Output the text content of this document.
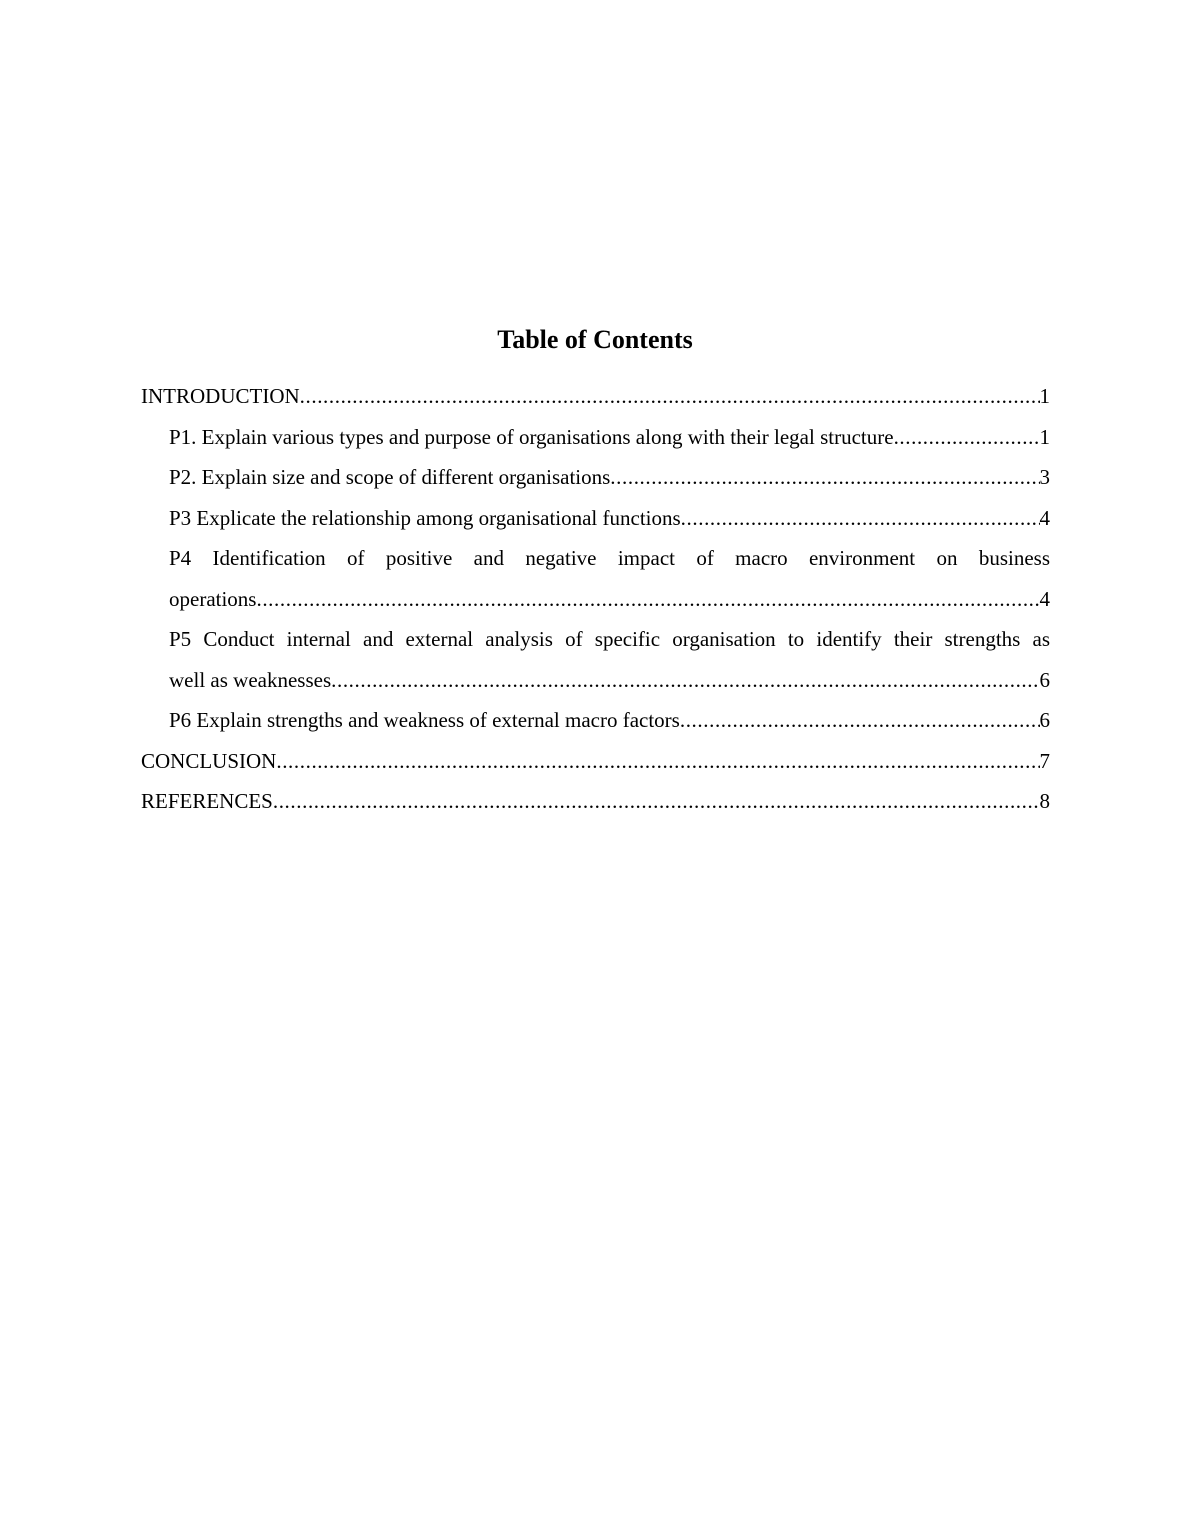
Table of Contents
INTRODUCTION .....	1
P1. Explain various types and purpose of organisations along with their legal structure .....	1
P2. Explain size and scope of different organisations .....	3
P3 Explicate the relationship among organisational functions .....	4
P4 Identification of positive and negative impact of macro environment on business
operations .....	4
P5 Conduct internal and external analysis of specific organisation to identify their strengths as
well as weaknesses .....	6
P6 Explain strengths and weakness of external macro factors .....	6
CONCLUSION .....	7
REFERENCES .....	8
